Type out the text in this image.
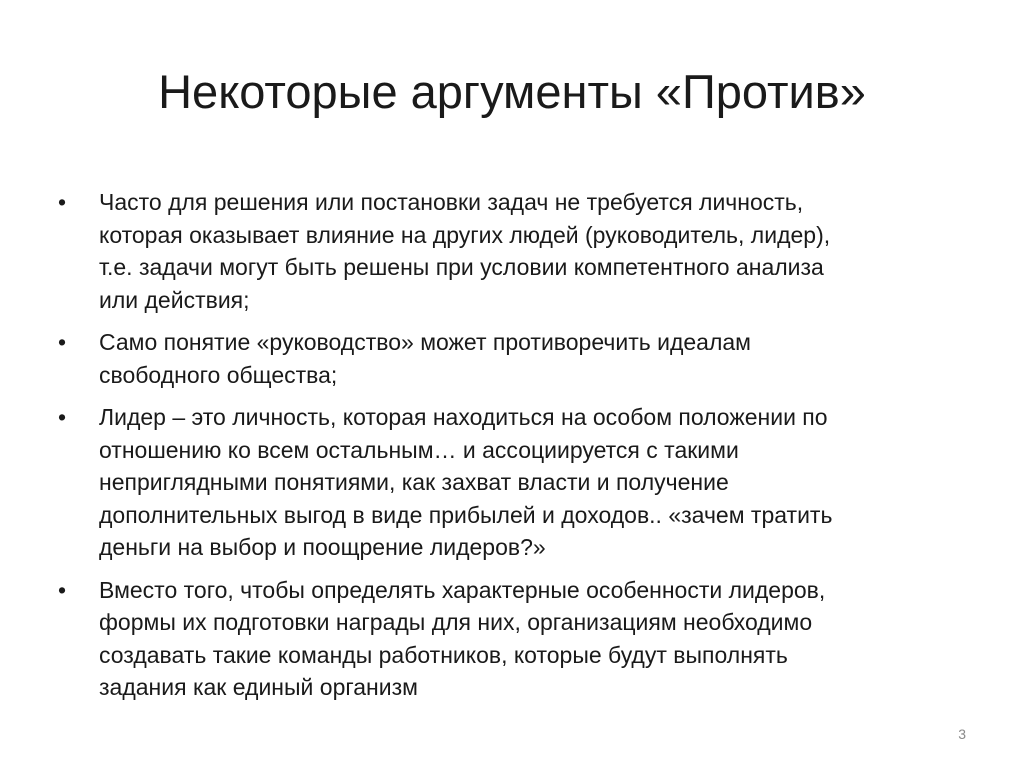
Некоторые аргументы «Против»
• Часто для решения или постановки задач не требуется личность,
которая оказывает влияние на других людей (руководитель, лидер),
т.е. задачи могут быть решены при условии компетентного анализа
или действия;
• Само понятие «руководство» может противоречить идеалам
свободного общества;
• Лидер – это личность, которая находиться на особом положении по
отношению ко всем остальным… и ассоциируется с такими
неприглядными понятиями, как захват власти и получение
дополнительных выгод в виде прибылей и доходов.. «зачем тратить
деньги на выбор и поощрение лидеров?»
• Вместо того, чтобы определять характерные особенности лидеров,
формы их подготовки награды для них, организациям необходимо
создавать такие команды работников, которые будут выполнять
задания как единый организм
3
